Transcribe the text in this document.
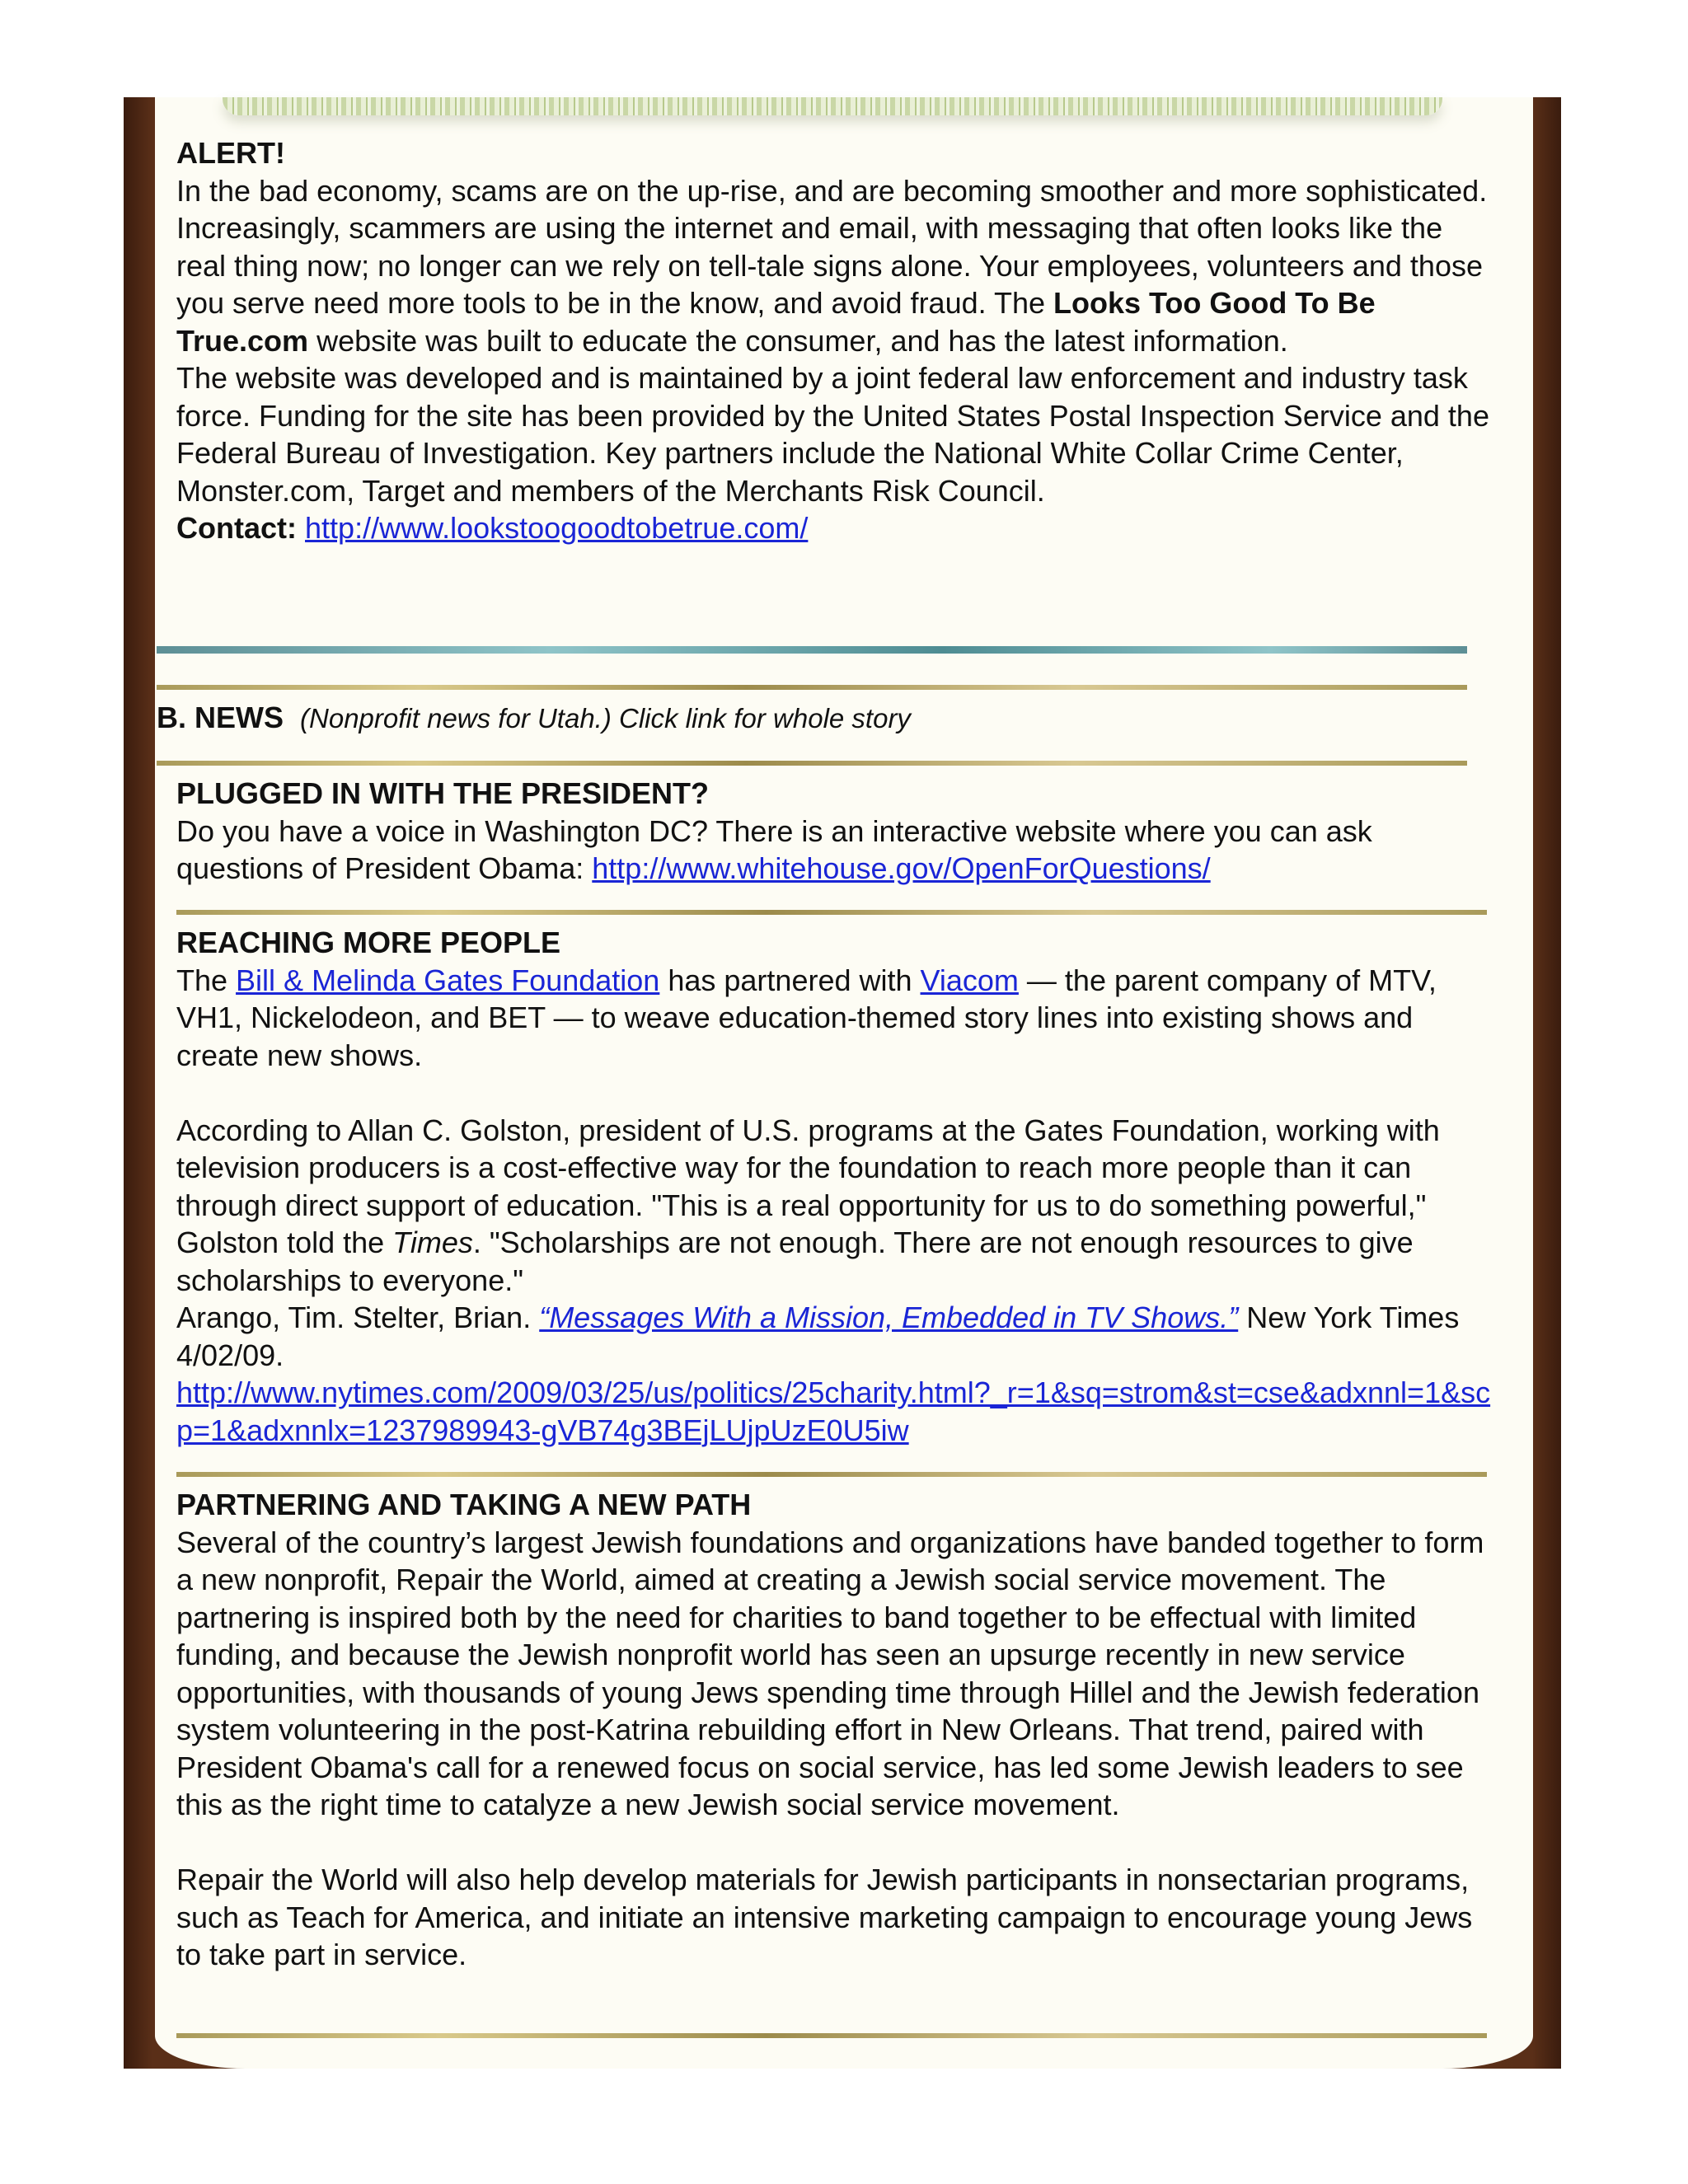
ALERT!

In the bad economy, scams are on the up-rise, and are becoming smoother and more sophisticated. Increasingly, scammers are using the internet and email, with messaging that often looks like the real thing now; no longer can we rely on tell-tale signs alone. Your employees, volunteers and those you serve need more tools to be in the know, and avoid fraud. The Looks Too Good To Be True.com website was built to educate the consumer, and has the latest information.

The website was developed and is maintained by a joint federal law enforcement and industry task force. Funding for the site has been provided by the United States Postal Inspection Service and the Federal Bureau of Investigation. Key partners include the National White Collar Crime Center, Monster.com, Target and members of the Merchants Risk Council.

Contact: http://www.lookstoogoodtobetrue.com/

B. NEWS (Nonprofit news for Utah.) Click link for whole story

PLUGGED IN WITH THE PRESIDENT?

Do you have a voice in Washington DC? There is an interactive website where you can ask questions of President Obama: http://www.whitehouse.gov/OpenForQuestions/

REACHING MORE PEOPLE

The Bill & Melinda Gates Foundation has partnered with Viacom — the parent company of MTV, VH1, Nickelodeon, and BET — to weave education-themed story lines into existing shows and create new shows.

According to Allan C. Golston, president of U.S. programs at the Gates Foundation, working with television producers is a cost-effective way for the foundation to reach more people than it can through direct support of education. "This is a real opportunity for us to do something powerful," Golston told the Times. "Scholarships are not enough. There are not enough resources to give scholarships to everyone."

Arango, Tim. Stelter, Brian. “Messages With a Mission, Embedded in TV Shows.” New York Times 4/02/09.

http://www.nytimes.com/2009/03/25/us/politics/25charity.html?_r=1&sq=strom&st=cse&adxnnl=1&scp=1&adxnnlx=1237989943-gVB74g3BEjLUjpUzE0U5iw

PARTNERING AND TAKING A NEW PATH

Several of the country’s largest Jewish foundations and organizations have banded together to form a new nonprofit, Repair the World, aimed at creating a Jewish social service movement. The partnering is inspired both by the need for charities to band together to be effectual with limited funding, and because the Jewish nonprofit world has seen an upsurge recently in new service opportunities, with thousands of young Jews spending time through Hillel and the Jewish federation system volunteering in the post-Katrina rebuilding effort in New Orleans. That trend, paired with President Obama's call for a renewed focus on social service, has led some Jewish leaders to see this as the right time to catalyze a new Jewish social service movement.

Repair the World will also help develop materials for Jewish participants in nonsectarian programs, such as Teach for America, and initiate an intensive marketing campaign to encourage young Jews to take part in service.
